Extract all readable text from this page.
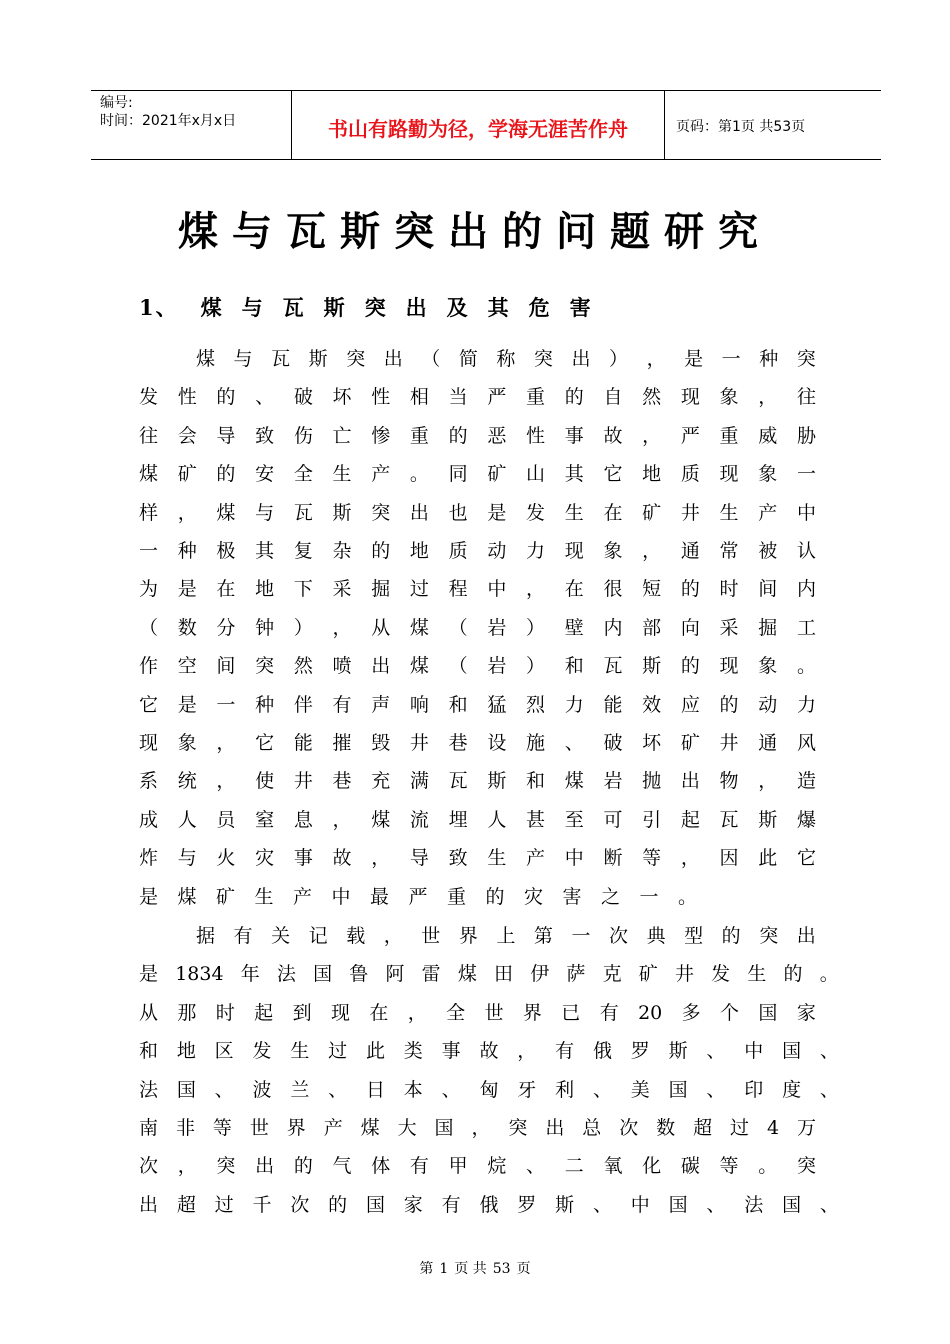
编号:
时间：2021年x月x日	书山有路勤为径，学海无涯苦作舟	页码：第1页 共53页
煤与瓦斯突出的问题研究
1、 煤与瓦斯突出及其危害
煤 与 瓦 斯 突 出 （ 简 称 突 出 ） ， 是 一 种 突
发 性 的 、 破 坏 性 相 当 严 重 的 自 然 现 象 ， 往
往 会 导 致 伤 亡 惨 重 的 恶 性 事 故 ， 严 重 威 胁
煤 矿 的 安 全 生 产 。 同 矿 山 其 它 地 质 现 象 一
样 ， 煤 与 瓦 斯 突 出 也 是 发 生 在 矿 井 生 产 中
一 种 极 其 复 杂 的 地 质 动 力 现 象 ， 通 常 被 认
为 是 在 地 下 采 掘 过 程 中 ， 在 很 短 的 时 间 内
（ 数 分 钟 ） ， 从 煤 （ 岩 ） 壁 内 部 向 采 掘 工
作 空 间 突 然 喷 出 煤 （ 岩 ） 和 瓦 斯 的 现 象 。
它 是 一 种 伴 有 声 响 和 猛 烈 力 能 效 应 的 动 力
现 象 ， 它 能 摧 毁 井 巷 设 施 、 破 坏 矿 井 通 风
系 统 ， 使 井 巷 充 满 瓦 斯 和 煤 岩 抛 出 物 ， 造
成 人 员 窒 息 ， 煤 流 埋 人 甚 至 可 引 起 瓦 斯 爆
炸 与 火 灾 事 故 ， 导 致 生 产 中 断 等 ， 因 此 它
是煤矿生产中最严重的灾害之一。
据 有 关 记 载 ， 世 界 上 第 一 次 典 型 的 突 出
是 1834 年 法 国 鲁 阿 雷 煤 田 伊 萨 克 矿 井 发 生 的 。
从 那 时 起 到 现 在 ， 全 世 界 已 有 20 多 个 国 家
和 地 区 发 生 过 此 类 事 故 ， 有 俄 罗 斯 、 中 国 、
法 国 、 波 兰 、 日 本 、 匈 牙 利 、 美 国 、 印 度 、
南 非 等 世 界 产 煤 大 国 ， 突 出 总 次 数 超 过 4 万
次 ， 突 出 的 气 体 有 甲 烷 、 二 氧 化 碳 等 。 突
出 超 过 千 次 的 国 家 有 俄 罗 斯 、 中 国 、 法 国 、
第 1 页 共 53 页
